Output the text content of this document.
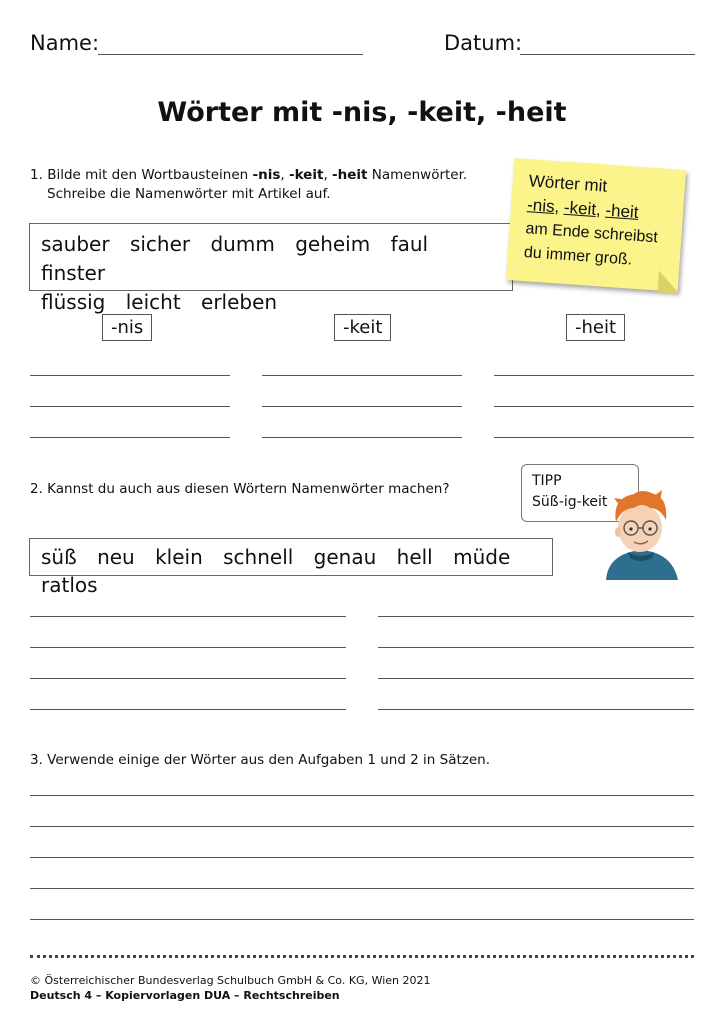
Name:	Datum:
Wörter mit -nis, -keit, -heit
1. Bilde mit den Wortbausteinen -nis, -keit, -heit Namenwörter.
Schreibe die Namenwörter mit Artikel auf.
sauber sicher dumm geheim faul finster
flüssig leicht erleben
Wörter mit
-nis, -keit, -heit
am Ende schreibst
du immer groß.
-nis	-keit	-heit
2. Kannst du auch aus diesen Wörtern Namenwörter machen?	TIPP
Süß-ig-keit
süß neu klein schnell genau hell müde ratlos
3. Verwende einige der Wörter aus den Aufgaben 1 und 2 in Sätzen.
© Österreichischer Bundesverlag Schulbuch GmbH & Co. KG, Wien 2021
Deutsch 4 – Kopiervorlagen DUA – Rechtschreiben
